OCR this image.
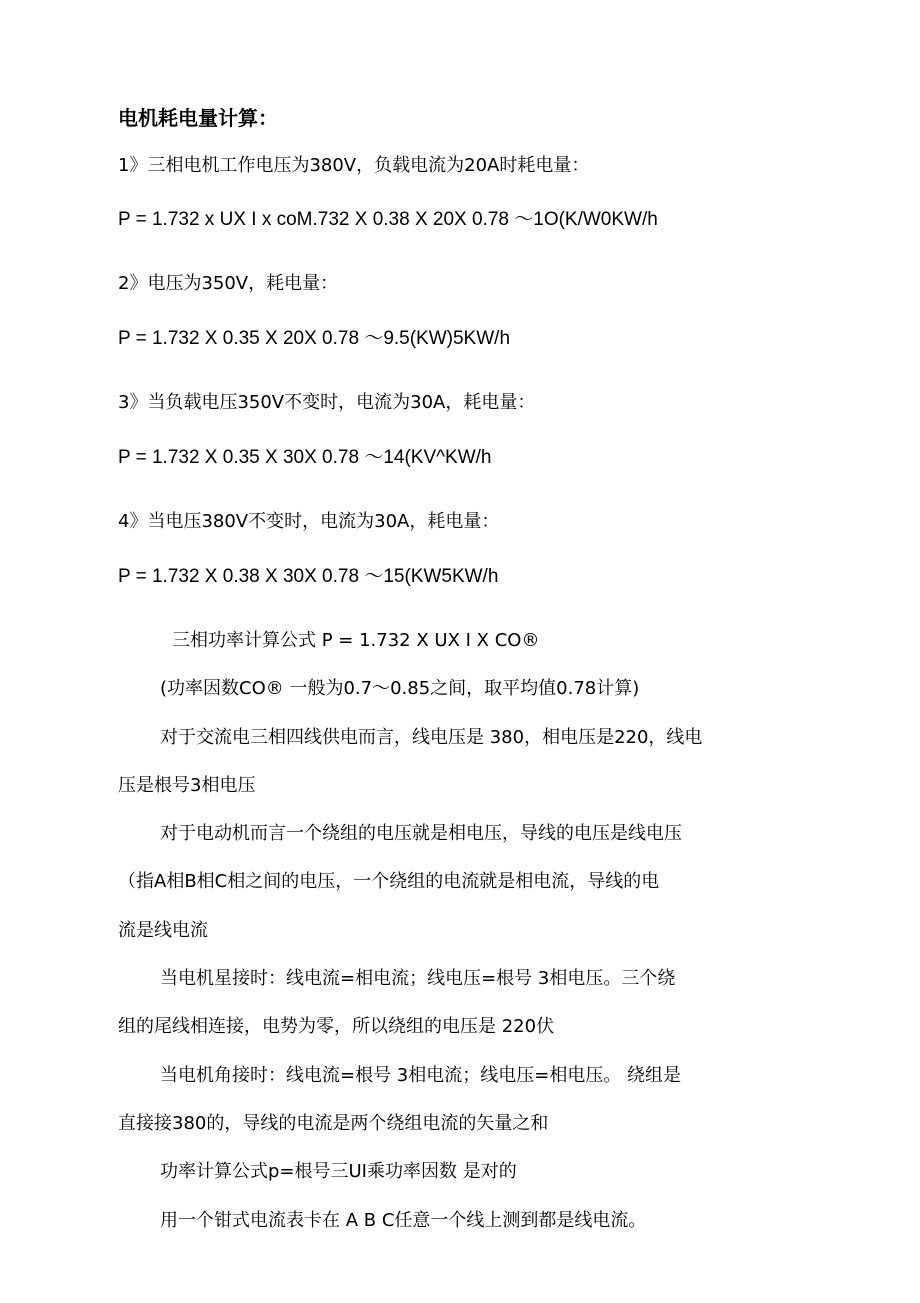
电机耗电量计算：
1》三相电机工作电压为380V，负载电流为20A时耗电量：
P = 1.732 x UX I x coM.732 X 0.38 X 20X 0.78 ～1O(K/W0KW/h
2》电压为350V，耗电量：
P = 1.732 X 0.35 X 20X 0.78 ～9.5(KW)5KW/h
3》当负载电压350V不变时，电流为30A，耗电量：
P = 1.732 X 0.35 X 30X 0.78 ～14(KV^KW/h
4》当电压380V不变时，电流为30A，耗电量：
P = 1.732 X 0.38 X 30X 0.78 ～15(KW5KW/h
三相功率计算公式 P = 1.732 X UX I X CO®
(功率因数CO® 一般为0.7～0.85之间，取平均值0.78计算)
对于交流电三相四线供电而言，线电压是 380，相电压是220，线电
压是根号3相电压
对于电动机而言一个绕组的电压就是相电压，导线的电压是线电压
（指A相B相C相之间的电压，一个绕组的电流就是相电流，导线的电
流是线电流
当电机星接时：线电流=相电流；线电压=根号 3相电压。三个绕
组的尾线相连接，电势为零，所以绕组的电压是 220伏
当电机角接时：线电流=根号 3相电流；线电压=相电压。 绕组是
直接接380的，导线的电流是两个绕组电流的矢量之和
功率计算公式p=根号三UI乘功率因数 是对的
用一个钳式电流表卡在 A B C任意一个线上测到都是线电流。
